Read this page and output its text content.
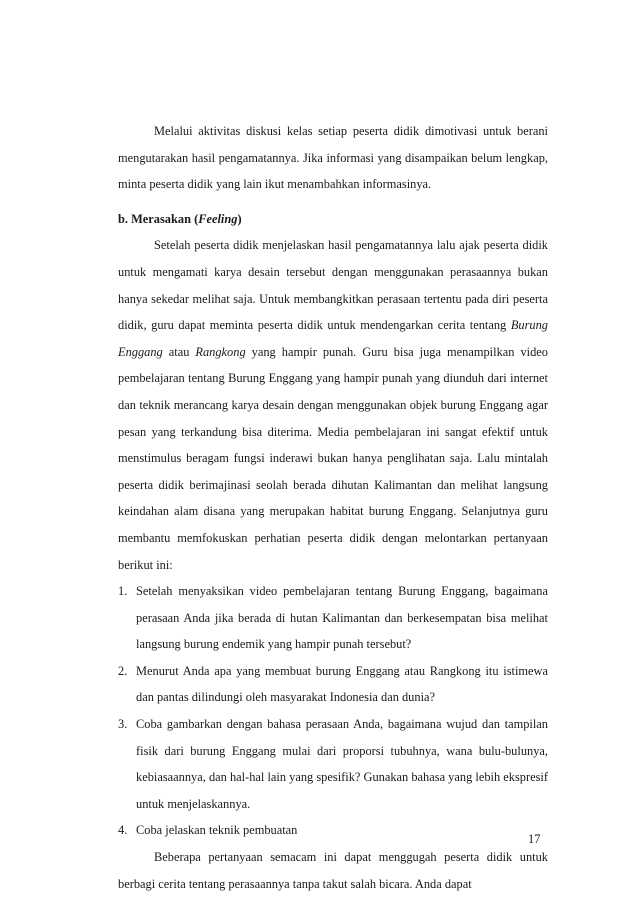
Melalui aktivitas diskusi kelas setiap peserta didik dimotivasi untuk berani mengutarakan hasil pengamatannya. Jika informasi yang disampaikan belum lengkap, minta peserta didik yang lain ikut menambahkan informasinya.

b. Merasakan (Feeling)

Setelah peserta didik menjelaskan hasil pengamatannya lalu ajak peserta didik untuk mengamati karya desain tersebut dengan menggunakan perasaannya bukan hanya sekedar melihat saja. Untuk membangkitkan perasaan tertentu pada diri peserta didik, guru dapat meminta peserta didik untuk mendengarkan cerita tentang Burung Enggang atau Rangkong yang hampir punah. Guru bisa juga menampilkan video pembelajaran tentang Burung Enggang yang hampir punah yang diunduh dari internet dan teknik merancang karya desain dengan menggunakan objek burung Enggang agar pesan yang terkandung bisa diterima. Media pembelajaran ini sangat efektif untuk menstimulus beragam fungsi inderawi bukan hanya penglihatan saja. Lalu mintalah peserta didik berimajinasi seolah berada dihutan Kalimantan dan melihat langsung keindahan alam disana yang merupakan habitat burung Enggang. Selanjutnya guru membantu memfokuskan perhatian peserta didik dengan melontarkan pertanyaan berikut ini:

1. Setelah menyaksikan video pembelajaran tentang Burung Enggang, bagaimana perasaan Anda jika berada di hutan Kalimantan dan berkesempatan bisa melihat langsung burung endemik yang hampir punah tersebut?
2. Menurut Anda apa yang membuat burung Enggang atau Rangkong itu istimewa dan pantas dilindungi oleh masyarakat Indonesia dan dunia?
3. Coba gambarkan dengan bahasa perasaan Anda, bagaimana wujud dan tampilan fisik dari burung Enggang mulai dari proporsi tubuhnya, wana bulu-bulunya, kebiasaannya, dan hal-hal lain yang spesifik? Gunakan bahasa yang lebih ekspresif untuk menjelaskannya.
4. Coba jelaskan teknik pembuatan

Beberapa pertanyaan semacam ini dapat menggugah peserta didik untuk berbagi cerita tentang perasaannya tanpa takut salah bicara. Anda dapat

17
